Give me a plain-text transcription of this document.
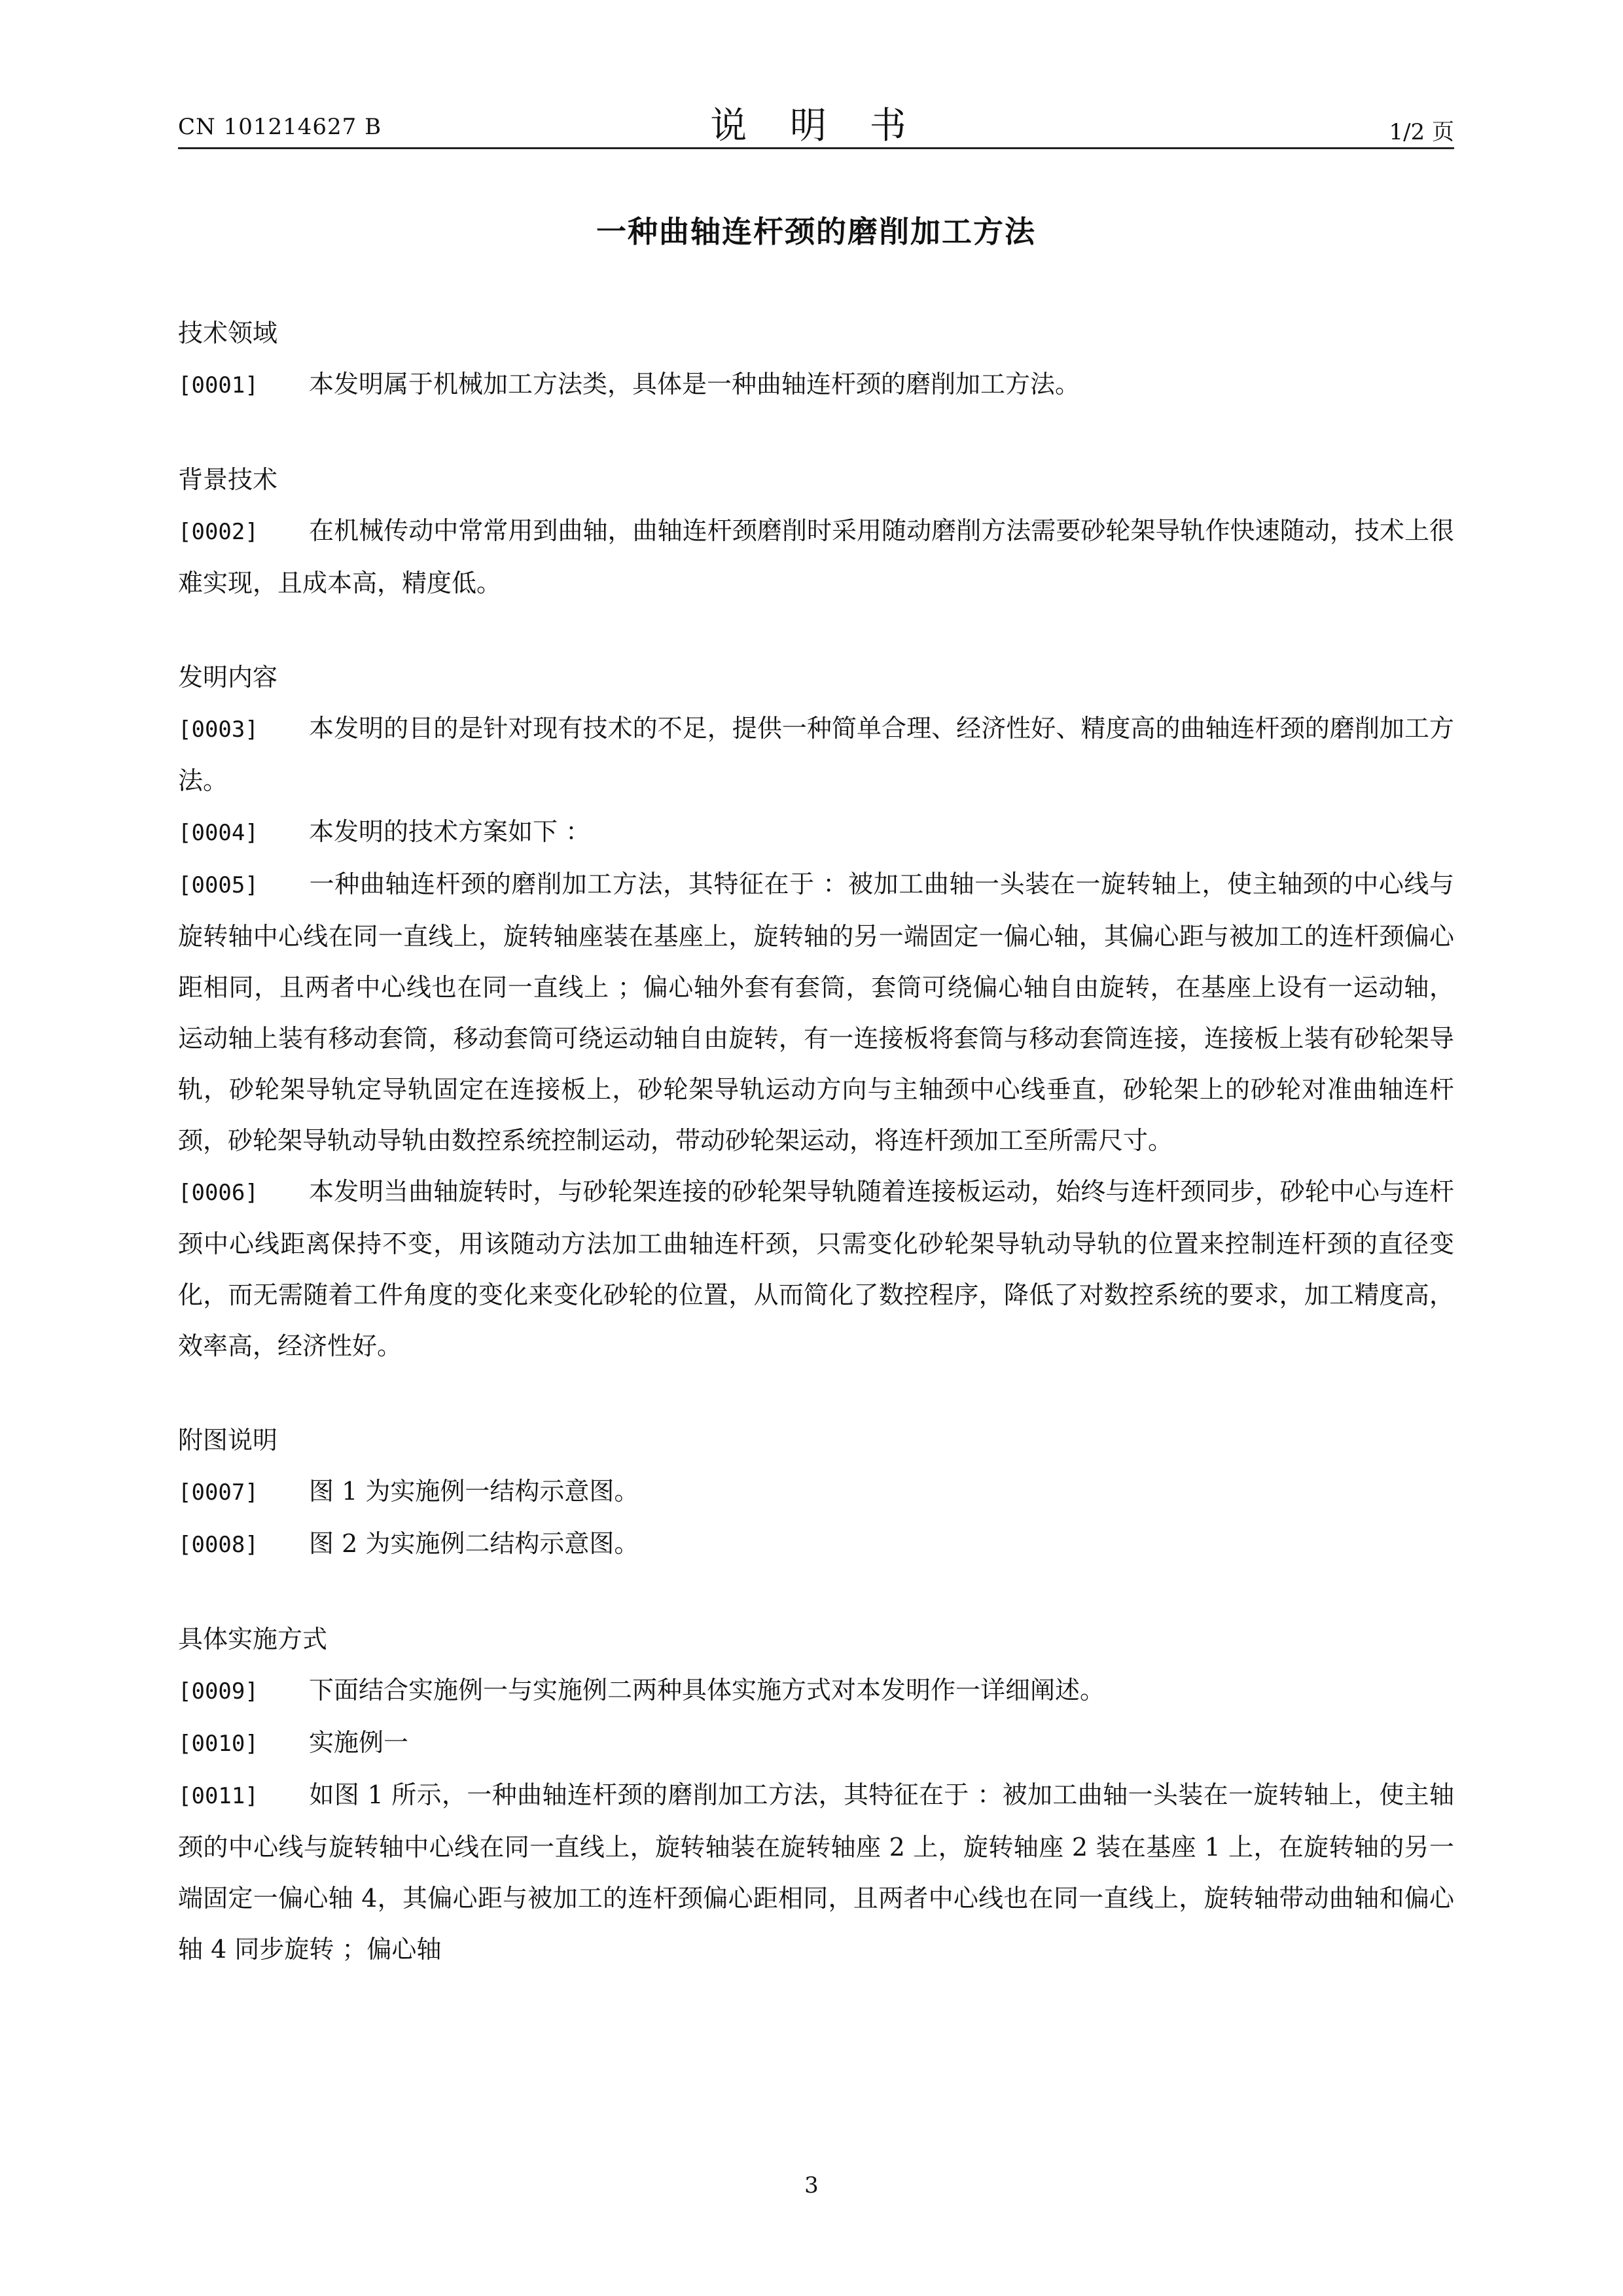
CN 101214627 B	说 明 书	1/2 页
一种曲轴连杆颈的磨削加工方法
技术领域
[0001] 本发明属于机械加工方法类，具体是一种曲轴连杆颈的磨削加工方法。
背景技术
[0002] 在机械传动中常常用到曲轴，曲轴连杆颈磨削时采用随动磨削方法需要砂轮架导轨作快速随动，技术上很难实现，且成本高，精度低。
发明内容
[0003] 本发明的目的是针对现有技术的不足，提供一种简单合理、经济性好、精度高的曲轴连杆颈的磨削加工方法。
[0004] 本发明的技术方案如下 ：
[0005] 一种曲轴连杆颈的磨削加工方法，其特征在于 ：被加工曲轴一头装在一旋转轴上，使主轴颈的中心线与旋转轴中心线在同一直线上，旋转轴座装在基座上，旋转轴的另一端固定一偏心轴，其偏心距与被加工的连杆颈偏心距相同，且两者中心线也在同一直线上 ；偏心轴外套有套筒，套筒可绕偏心轴自由旋转，在基座上设有一运动轴，运动轴上装有移动套筒，移动套筒可绕运动轴自由旋转，有一连接板将套筒与移动套筒连接，连接板上装有砂轮架导轨，砂轮架导轨定导轨固定在连接板上，砂轮架导轨运动方向与主轴颈中心线垂直，砂轮架上的砂轮对准曲轴连杆颈，砂轮架导轨动导轨由数控系统控制运动，带动砂轮架运动，将连杆颈加工至所需尺寸。
[0006] 本发明当曲轴旋转时，与砂轮架连接的砂轮架导轨随着连接板运动，始终与连杆颈同步，砂轮中心与连杆颈中心线距离保持不变，用该随动方法加工曲轴连杆颈，只需变化砂轮架导轨动导轨的位置来控制连杆颈的直径变化，而无需随着工件角度的变化来变化砂轮的位置，从而简化了数控程序，降低了对数控系统的要求，加工精度高，效率高，经济性好。
附图说明
[0007] 图 1 为实施例一结构示意图。
[0008] 图 2 为实施例二结构示意图。
具体实施方式
[0009] 下面结合实施例一与实施例二两种具体实施方式对本发明作一详细阐述。
[0010] 实施例一
[0011] 如图 1 所示，一种曲轴连杆颈的磨削加工方法，其特征在于 ：被加工曲轴一头装在一旋转轴上，使主轴颈的中心线与旋转轴中心线在同一直线上，旋转轴装在旋转轴座 2 上，旋转轴座 2 装在基座 1 上，在旋转轴的另一端固定一偏心轴 4，其偏心距与被加工的连杆颈偏心距相同，且两者中心线也在同一直线上，旋转轴带动曲轴和偏心轴 4 同步旋转 ；偏心轴
3
